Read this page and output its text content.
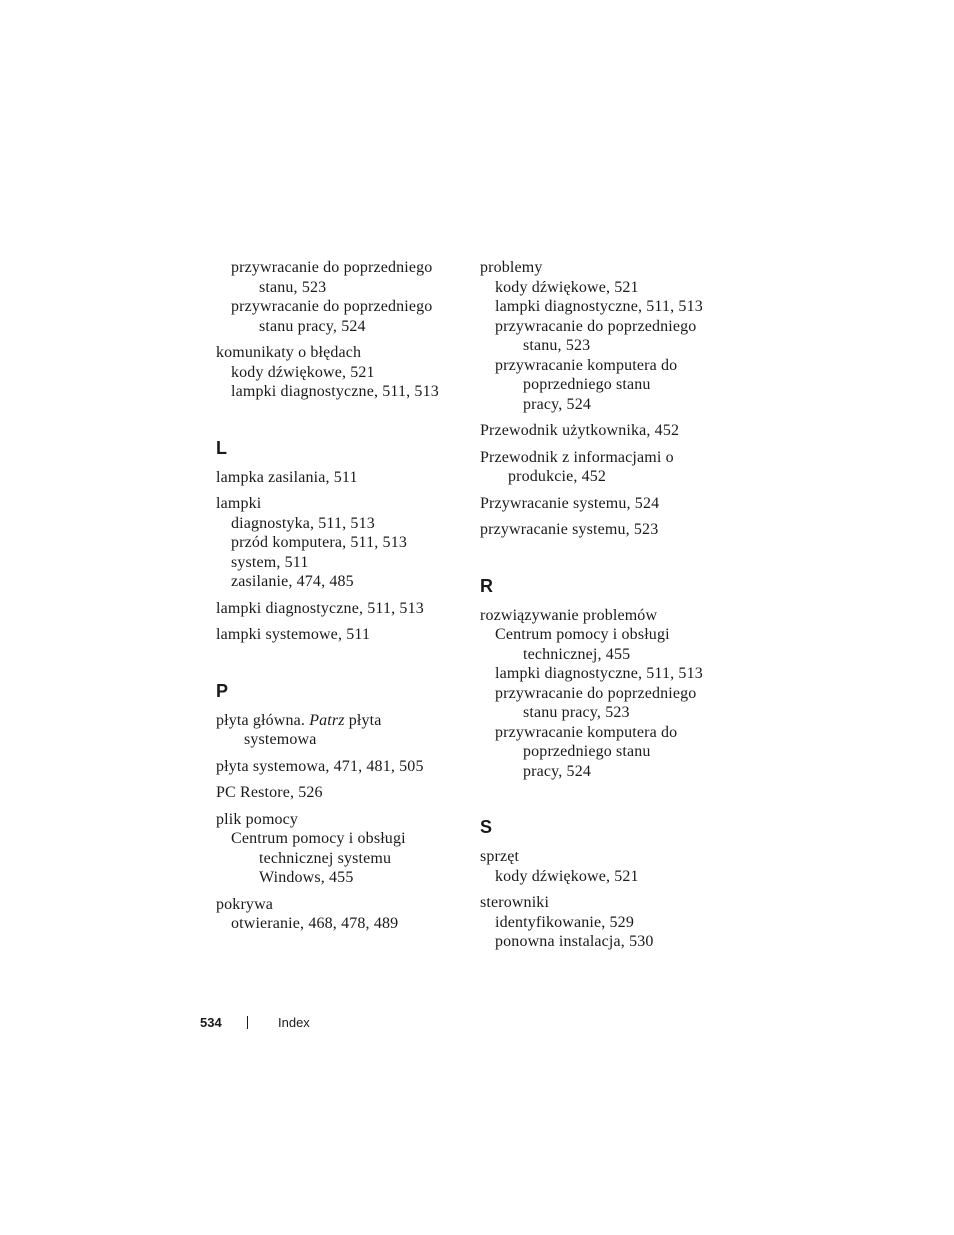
przywracanie do poprzedniego
stanu, 523
przywracanie do poprzedniego
stanu pracy, 524
komunikaty o błędach
kody dźwiękowe, 521
lampki diagnostyczne, 511, 513
L
lampka zasilania, 511
lampki
diagnostyka, 511, 513
przód komputera, 511, 513
system, 511
zasilanie, 474, 485
lampki diagnostyczne, 511, 513
lampki systemowe, 511
P
płyta główna. Patrz płyta
systemowa
płyta systemowa, 471, 481, 505
PC Restore, 526
plik pomocy
Centrum pomocy i obsługi
technicznej systemu
Windows, 455
pokrywa
otwieranie, 468, 478, 489
problemy
kody dźwiękowe, 521
lampki diagnostyczne, 511, 513
przywracanie do poprzedniego
stanu, 523
przywracanie komputera do
poprzedniego stanu
pracy, 524
Przewodnik użytkownika, 452
Przewodnik z informacjami o
produkcie, 452
Przywracanie systemu, 524
przywracanie systemu, 523
R
rozwiązywanie problemów
Centrum pomocy i obsługi
technicznej, 455
lampki diagnostyczne, 511, 513
przywracanie do poprzedniego
stanu pracy, 523
przywracanie komputera do
poprzedniego stanu
pracy, 524
S
sprzęt
kody dźwiękowe, 521
sterowniki
identyfikowanie, 529
ponowna instalacja, 530
534	Index
